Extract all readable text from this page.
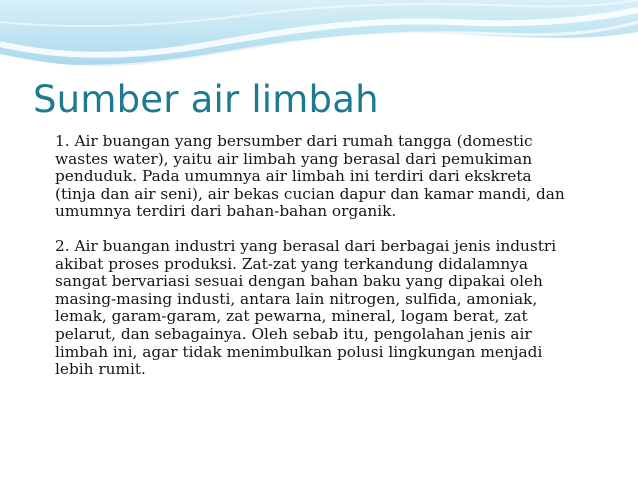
Sumber air limbah

1. Air buangan yang bersumber dari rumah tangga (domestic
wastes water), yaitu air limbah yang berasal dari pemukiman
penduduk. Pada umumnya air limbah ini terdiri dari ekskreta
(tinja dan air seni), air bekas cucian dapur dan kamar mandi, dan
umumnya terdiri dari bahan-bahan organik.

2. Air buangan industri yang berasal dari berbagai jenis industri
akibat proses produksi. Zat-zat yang terkandung didalamnya
sangat bervariasi sesuai dengan bahan baku yang dipakai oleh
masing-masing industi, antara lain nitrogen, sulfida, amoniak,
lemak, garam-garam, zat pewarna, mineral, logam berat, zat
pelarut, dan sebagainya. Oleh sebab itu, pengolahan jenis air
limbah ini, agar tidak menimbulkan polusi lingkungan menjadi
lebih rumit.
